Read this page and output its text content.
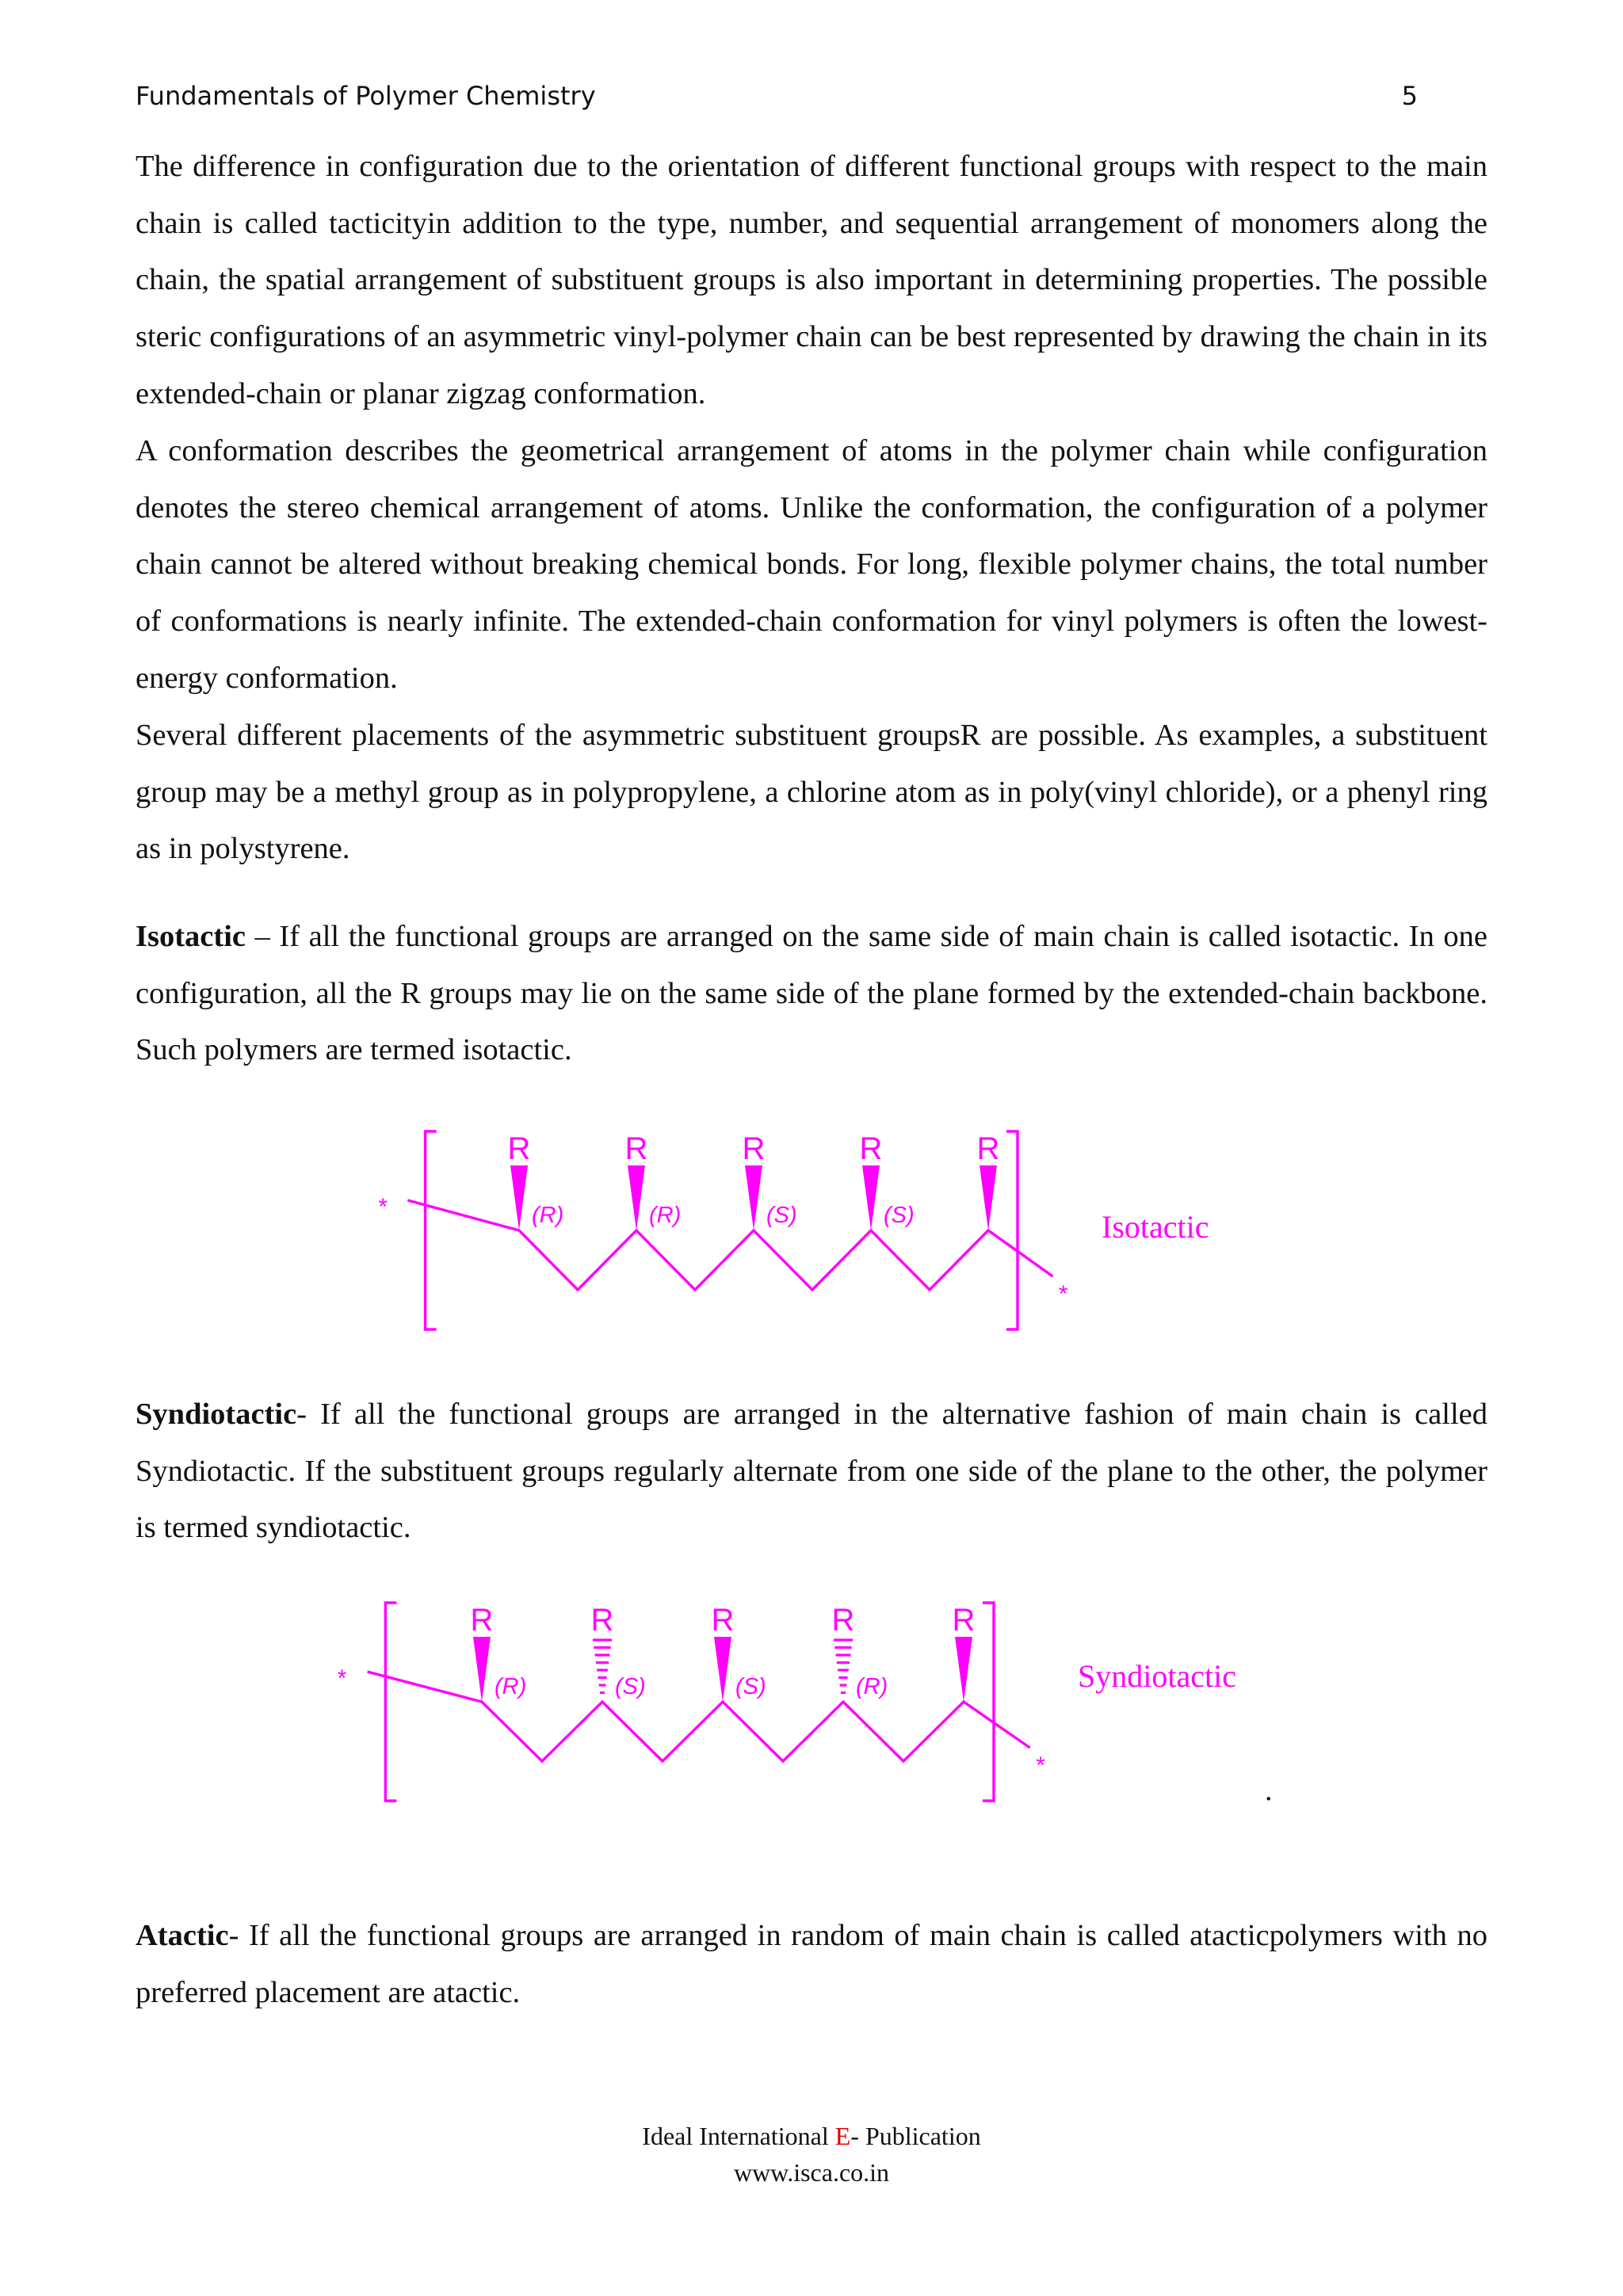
Fundamentals of Polymer Chemistry	5

The difference in configuration due to the orientation of different functional groups with respect to the main chain is called tacticityin addition to the type, number, and sequential arrangement of monomers along the chain, the spatial arrangement of substituent groups is also important in determining properties. The possible steric configurations of an asymmetric vinyl-polymer chain can be best represented by drawing the chain in its extended-chain or planar zigzag conformation.

A conformation describes the geometrical arrangement of atoms in the polymer chain while configuration denotes the stereo chemical arrangement of atoms. Unlike the conformation, the configuration of a polymer chain cannot be altered without breaking chemical bonds. For long, flexible polymer chains, the total number of conformations is nearly infinite. The extended-chain conformation for vinyl polymers is often the lowest-energy conformation.

Several different placements of the asymmetric substituent groupsR are possible. As examples, a substituent group may be a methyl group as in polypropylene, a chlorine atom as in poly(vinyl chloride), or a phenyl ring as in polystyrene.

Isotactic – If all the functional groups are arranged on the same side of main chain is called isotactic. In one configuration, all the R groups may lie on the same side of the plane formed by the extended-chain backbone. Such polymers are termed isotactic.

*
*
R
(R)
R
(R)
R
(S)
R
(S)
R
Isotactic

Syndiotactic- If all the functional groups are arranged in the alternative fashion of main chain is called Syndiotactic. If the substituent groups regularly alternate from one side of the plane to the other, the polymer is termed syndiotactic.

*
*
R
(R)
R
(S)
R
(S)
R
(R)
R
Syndiotactic
.

Atactic- If all the functional groups are arranged in random of main chain is called atacticpolymers with no preferred placement are atactic.

Ideal International E- Publication
www.isca.co.in
